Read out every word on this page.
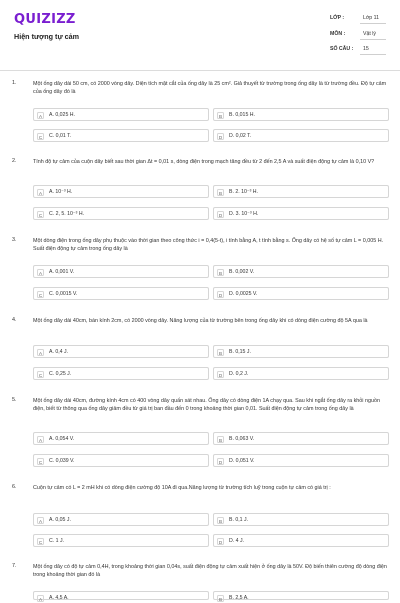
QUIZIZZ
Hiện tượng tự cảm
LỚP :	Lớp 11
MÔN :	Vật lý
SỐ CÂU : 15
1.	Một ống dây dài 50 cm, có 2000 vòng dây. Diện tích mặt cắt của ống dây là 25 cm². Giả thuyết từ trường trong ống dây là từ trường đều. Độ tự cảm của ống dây đó là
A	A. 0,025 H.	B	B. 0,015 H.
C	C. 0,01 T.	D	D. 0,02 T.
2.	Tính độ tự cảm của cuộn dây biết sau thời gian Δt = 0,01 s, dòng điện trong mạch tăng đều từ 2 đến 2,5 A và suất điện động tự cảm là 0,10 V?
A	A. 10⁻³ H.	B	B. 2. 10⁻³ H.
C	C. 2, 5. 10⁻³ H.	D	D. 3. 10⁻³ H.
3.	Một dòng điện trong ống dây phụ thuộc vào thời gian theo công thức i = 0,4(5-t), i tính bằng A, t tính bằng s. Ống dây có hệ số tự cảm L = 0,005 H. Suất điện động tự cảm trong ống dây là
A	A. 0,001 V.	B	B. 0,002 V.
C	C. 0,0015 V.	D	D. 0,0025 V.
4.	Một ống dây dài 40cm, bán kính 2cm, có 2000 vòng dây. Năng lượng của từ trường bên trong ống dây khi có dòng điện cường độ 5A qua là
A	A. 0,4 J.	B	B. 0,15 J.
C	C. 0,25 J.	D	D. 0,2 J.
5.	Một ống dây dài 40cm, đường kính 4cm có 400 vòng dây quấn sát nhau. Ống dây có dòng điện 1A chạy qua. Sau khi ngắt ống dây ra khỏi nguồn điện, biết từ thông qua ống dây giảm đều từ giá trị ban đầu đến 0 trong khoảng thời gian 0,01. Suất điện động tự cảm trong ống dây là
A	A. 0,054 V.	B	B. 0,063 V.
C	C. 0,039 V.	D	D. 0,051 V.
6.	Cuộn tự cảm có L = 2 mH khi có dòng điện cường độ 10A đi qua.Năng lượng từ trường tích luỹ trong cuộn tự cảm có giá trị :
A	A. 0,05 J.	B	B. 0,1 J.
C	C. 1 J.	D	D. 4 J.
7.	Một ống dây có độ tự cảm 0,4H, trong khoảng thời gian 0,04s, suất điện động tự cảm xuất hiện ở ống dây là 50V. Độ biến thiên cường độ dòng điện trong khoảng thời gian đó là
A	A. 4,5 A.	B	B. 2,5 A.
